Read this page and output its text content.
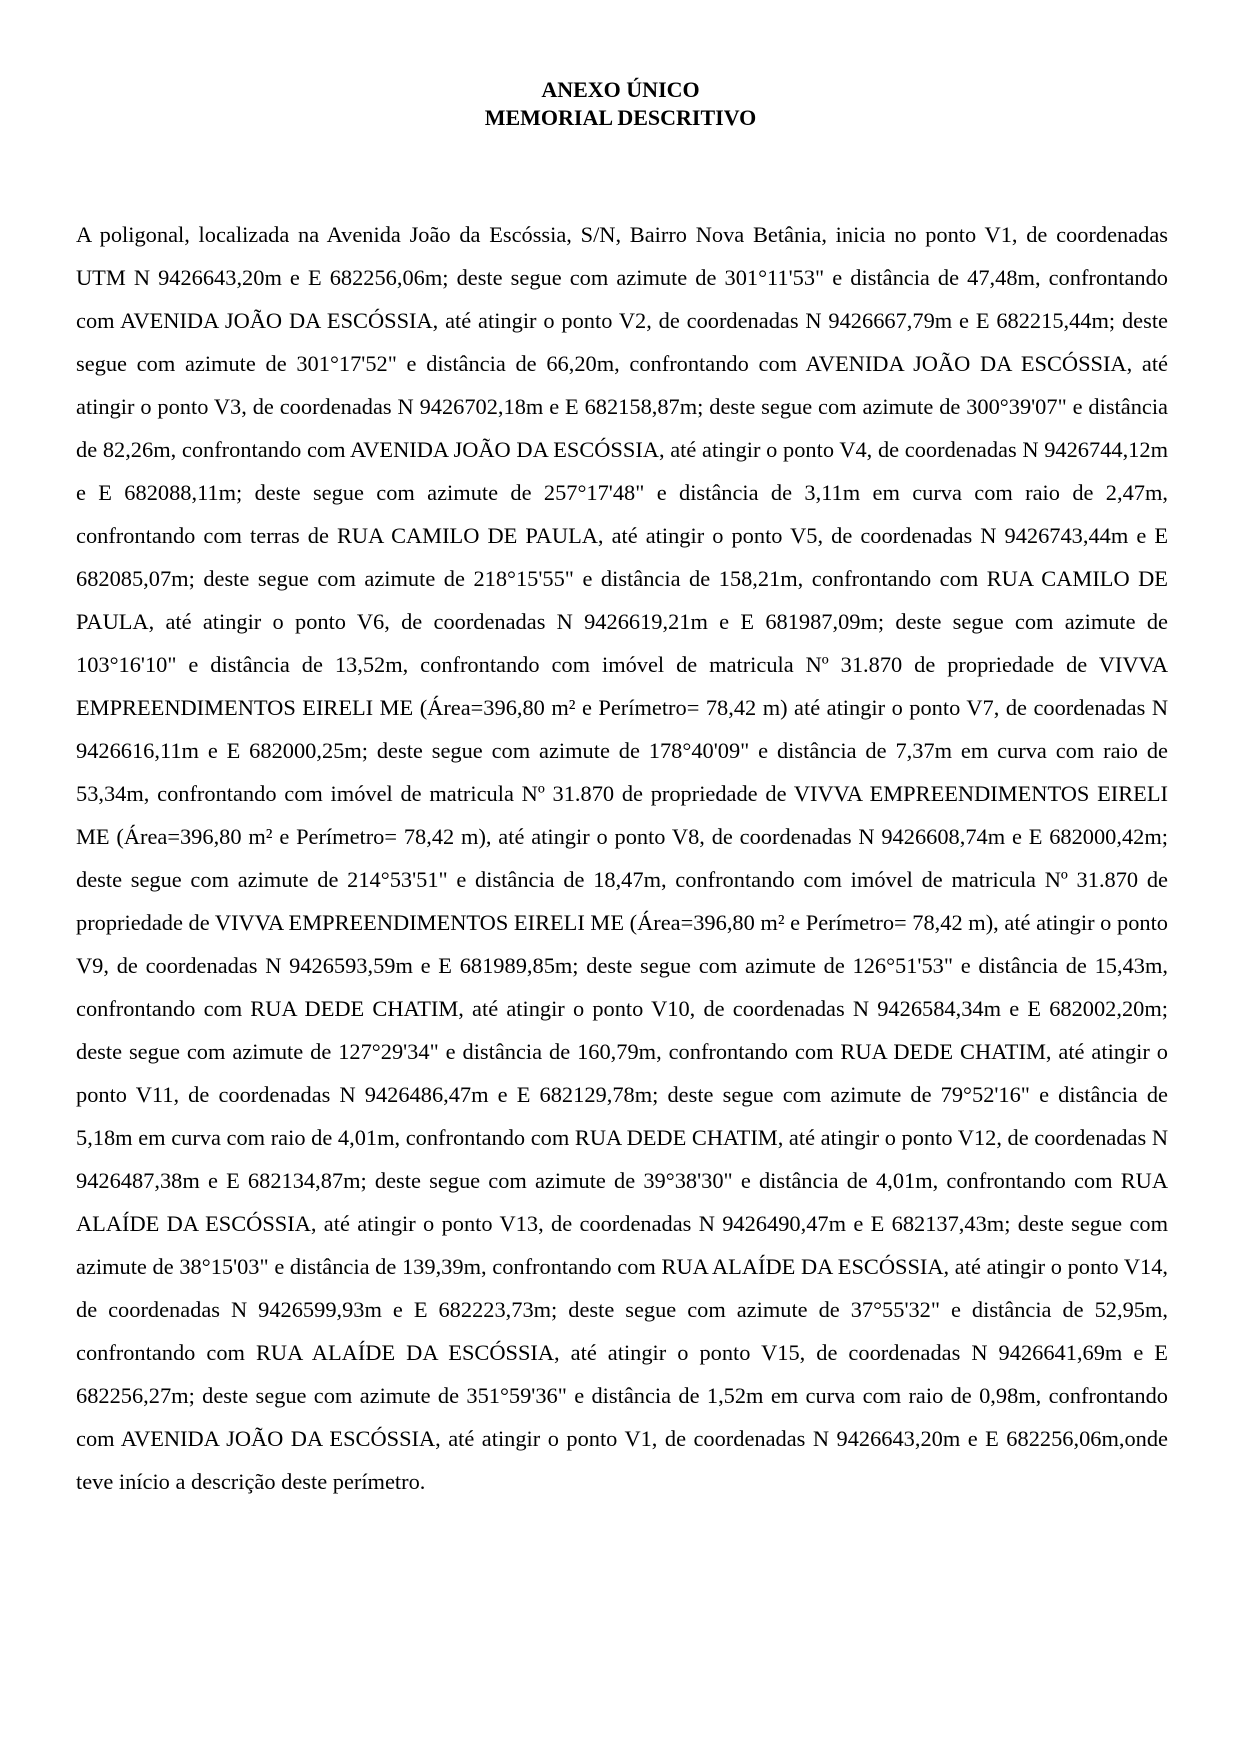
ANEXO ÚNICO
MEMORIAL DESCRITIVO

A poligonal, localizada na Avenida João da Escóssia, S/N, Bairro Nova Betânia, inicia no ponto V1, de coordenadas UTM N 9426643,20m e E 682256,06m; deste segue com azimute de 301°11'53" e distância de 47,48m, confrontando com AVENIDA JOÃO DA ESCÓSSIA, até atingir o ponto V2, de coordenadas N 9426667,79m e E 682215,44m; deste segue com azimute de 301°17'52" e distância de 66,20m, confrontando com AVENIDA JOÃO DA ESCÓSSIA, até atingir o ponto V3, de coordenadas N 9426702,18m e E 682158,87m; deste segue com azimute de 300°39'07" e distância de 82,26m, confrontando com AVENIDA JOÃO DA ESCÓSSIA, até atingir o ponto V4, de coordenadas N 9426744,12m e E 682088,11m; deste segue com azimute de 257°17'48" e distância de 3,11m em curva com raio de 2,47m, confrontando com terras de RUA CAMILO DE PAULA, até atingir o ponto V5, de coordenadas N 9426743,44m e E 682085,07m; deste segue com azimute de 218°15'55" e distância de 158,21m, confrontando com RUA CAMILO DE PAULA, até atingir o ponto V6, de coordenadas N 9426619,21m e E 681987,09m; deste segue com azimute de 103°16'10" e distância de 13,52m, confrontando com imóvel de matricula Nº 31.870 de propriedade de VIVVA EMPREENDIMENTOS EIRELI ME (Área=396,80 m² e Perímetro= 78,42 m) até atingir o ponto V7, de coordenadas N 9426616,11m e E 682000,25m; deste segue com azimute de 178°40'09" e distância de 7,37m em curva com raio de 53,34m, confrontando com imóvel de matricula Nº 31.870 de propriedade de VIVVA EMPREENDIMENTOS EIRELI ME (Área=396,80 m² e Perímetro= 78,42 m), até atingir o ponto V8, de coordenadas N 9426608,74m e E 682000,42m; deste segue com azimute de 214°53'51" e distância de 18,47m, confrontando com imóvel de matricula Nº 31.870 de propriedade de VIVVA EMPREENDIMENTOS EIRELI ME (Área=396,80 m² e Perímetro= 78,42 m), até atingir o ponto V9, de coordenadas N 9426593,59m e E 681989,85m; deste segue com azimute de 126°51'53" e distância de 15,43m, confrontando com RUA DEDE CHATIM, até atingir o ponto V10, de coordenadas N 9426584,34m e E 682002,20m; deste segue com azimute de 127°29'34" e distância de 160,79m, confrontando com RUA DEDE CHATIM, até atingir o ponto V11, de coordenadas N 9426486,47m e E 682129,78m; deste segue com azimute de 79°52'16" e distância de 5,18m em curva com raio de 4,01m, confrontando com RUA DEDE CHATIM, até atingir o ponto V12, de coordenadas N 9426487,38m e E 682134,87m; deste segue com azimute de 39°38'30" e distância de 4,01m, confrontando com RUA ALAÍDE DA ESCÓSSIA, até atingir o ponto V13, de coordenadas N 9426490,47m e E 682137,43m; deste segue com azimute de 38°15'03" e distância de 139,39m, confrontando com RUA ALAÍDE DA ESCÓSSIA, até atingir o ponto V14, de coordenadas N 9426599,93m e E 682223,73m; deste segue com azimute de 37°55'32" e distância de 52,95m, confrontando com RUA ALAÍDE DA ESCÓSSIA, até atingir o ponto V15, de coordenadas N 9426641,69m e E 682256,27m; deste segue com azimute de 351°59'36" e distância de 1,52m em curva com raio de 0,98m, confrontando com AVENIDA JOÃO DA ESCÓSSIA, até atingir o ponto V1, de coordenadas N 9426643,20m e E 682256,06m,onde teve início a descrição deste perímetro.
